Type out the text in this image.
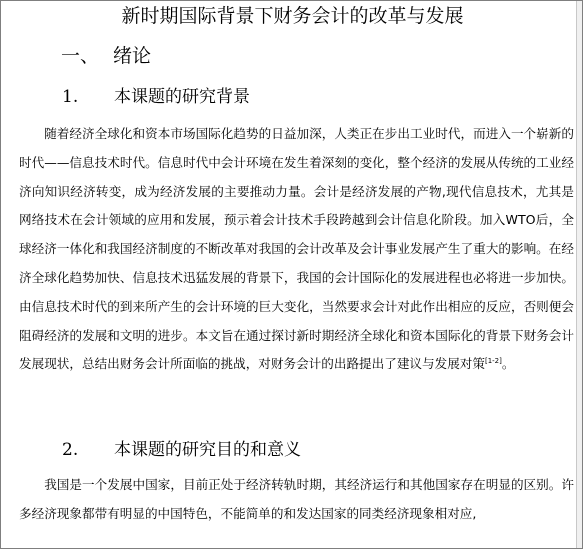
新时期国际背景下财务会计的改革与发展
一、 绪论
1. 本课题的研究背景

随着经济全球化和资本市场国际化趋势的日益加深，人类正在步出工业时代，而进入一个崭新的时代——信息技术时代。信息时代中会计环境在发生着深刻的变化，整个经济的发展从传统的工业经济向知识经济转变，成为经济发展的主要推动力量。会计是经济发展的产物,现代信息技术，尤其是网络技术在会计领域的应用和发展，预示着会计技术手段跨越到会计信息化阶段。加入WTO后，全球经济一体化和我国经济制度的不断改革对我国的会计改革及会计事业发展产生了重大的影响。在经济全球化趋势加快、信息技术迅猛发展的背景下，我国的会计国际化的发展进程也必将进一步加快。由信息技术时代的到来所产生的会计环境的巨大变化，当然要求会计对此作出相应的反应，否则便会阻碍经济的发展和文明的进步。本文旨在通过探讨新时期经济全球化和资本国际化的背景下财务会计发展现状，总结出财务会计所面临的挑战，对财务会计的出路提出了建议与发展对策[1-2]。

2. 本课题的研究目的和意义

我国是一个发展中国家，目前正处于经济转轨时期，其经济运行和其他国家存在明显的区别。许多经济现象都带有明显的中国特色，不能简单的和发达国家的同类经济现象相对应,
